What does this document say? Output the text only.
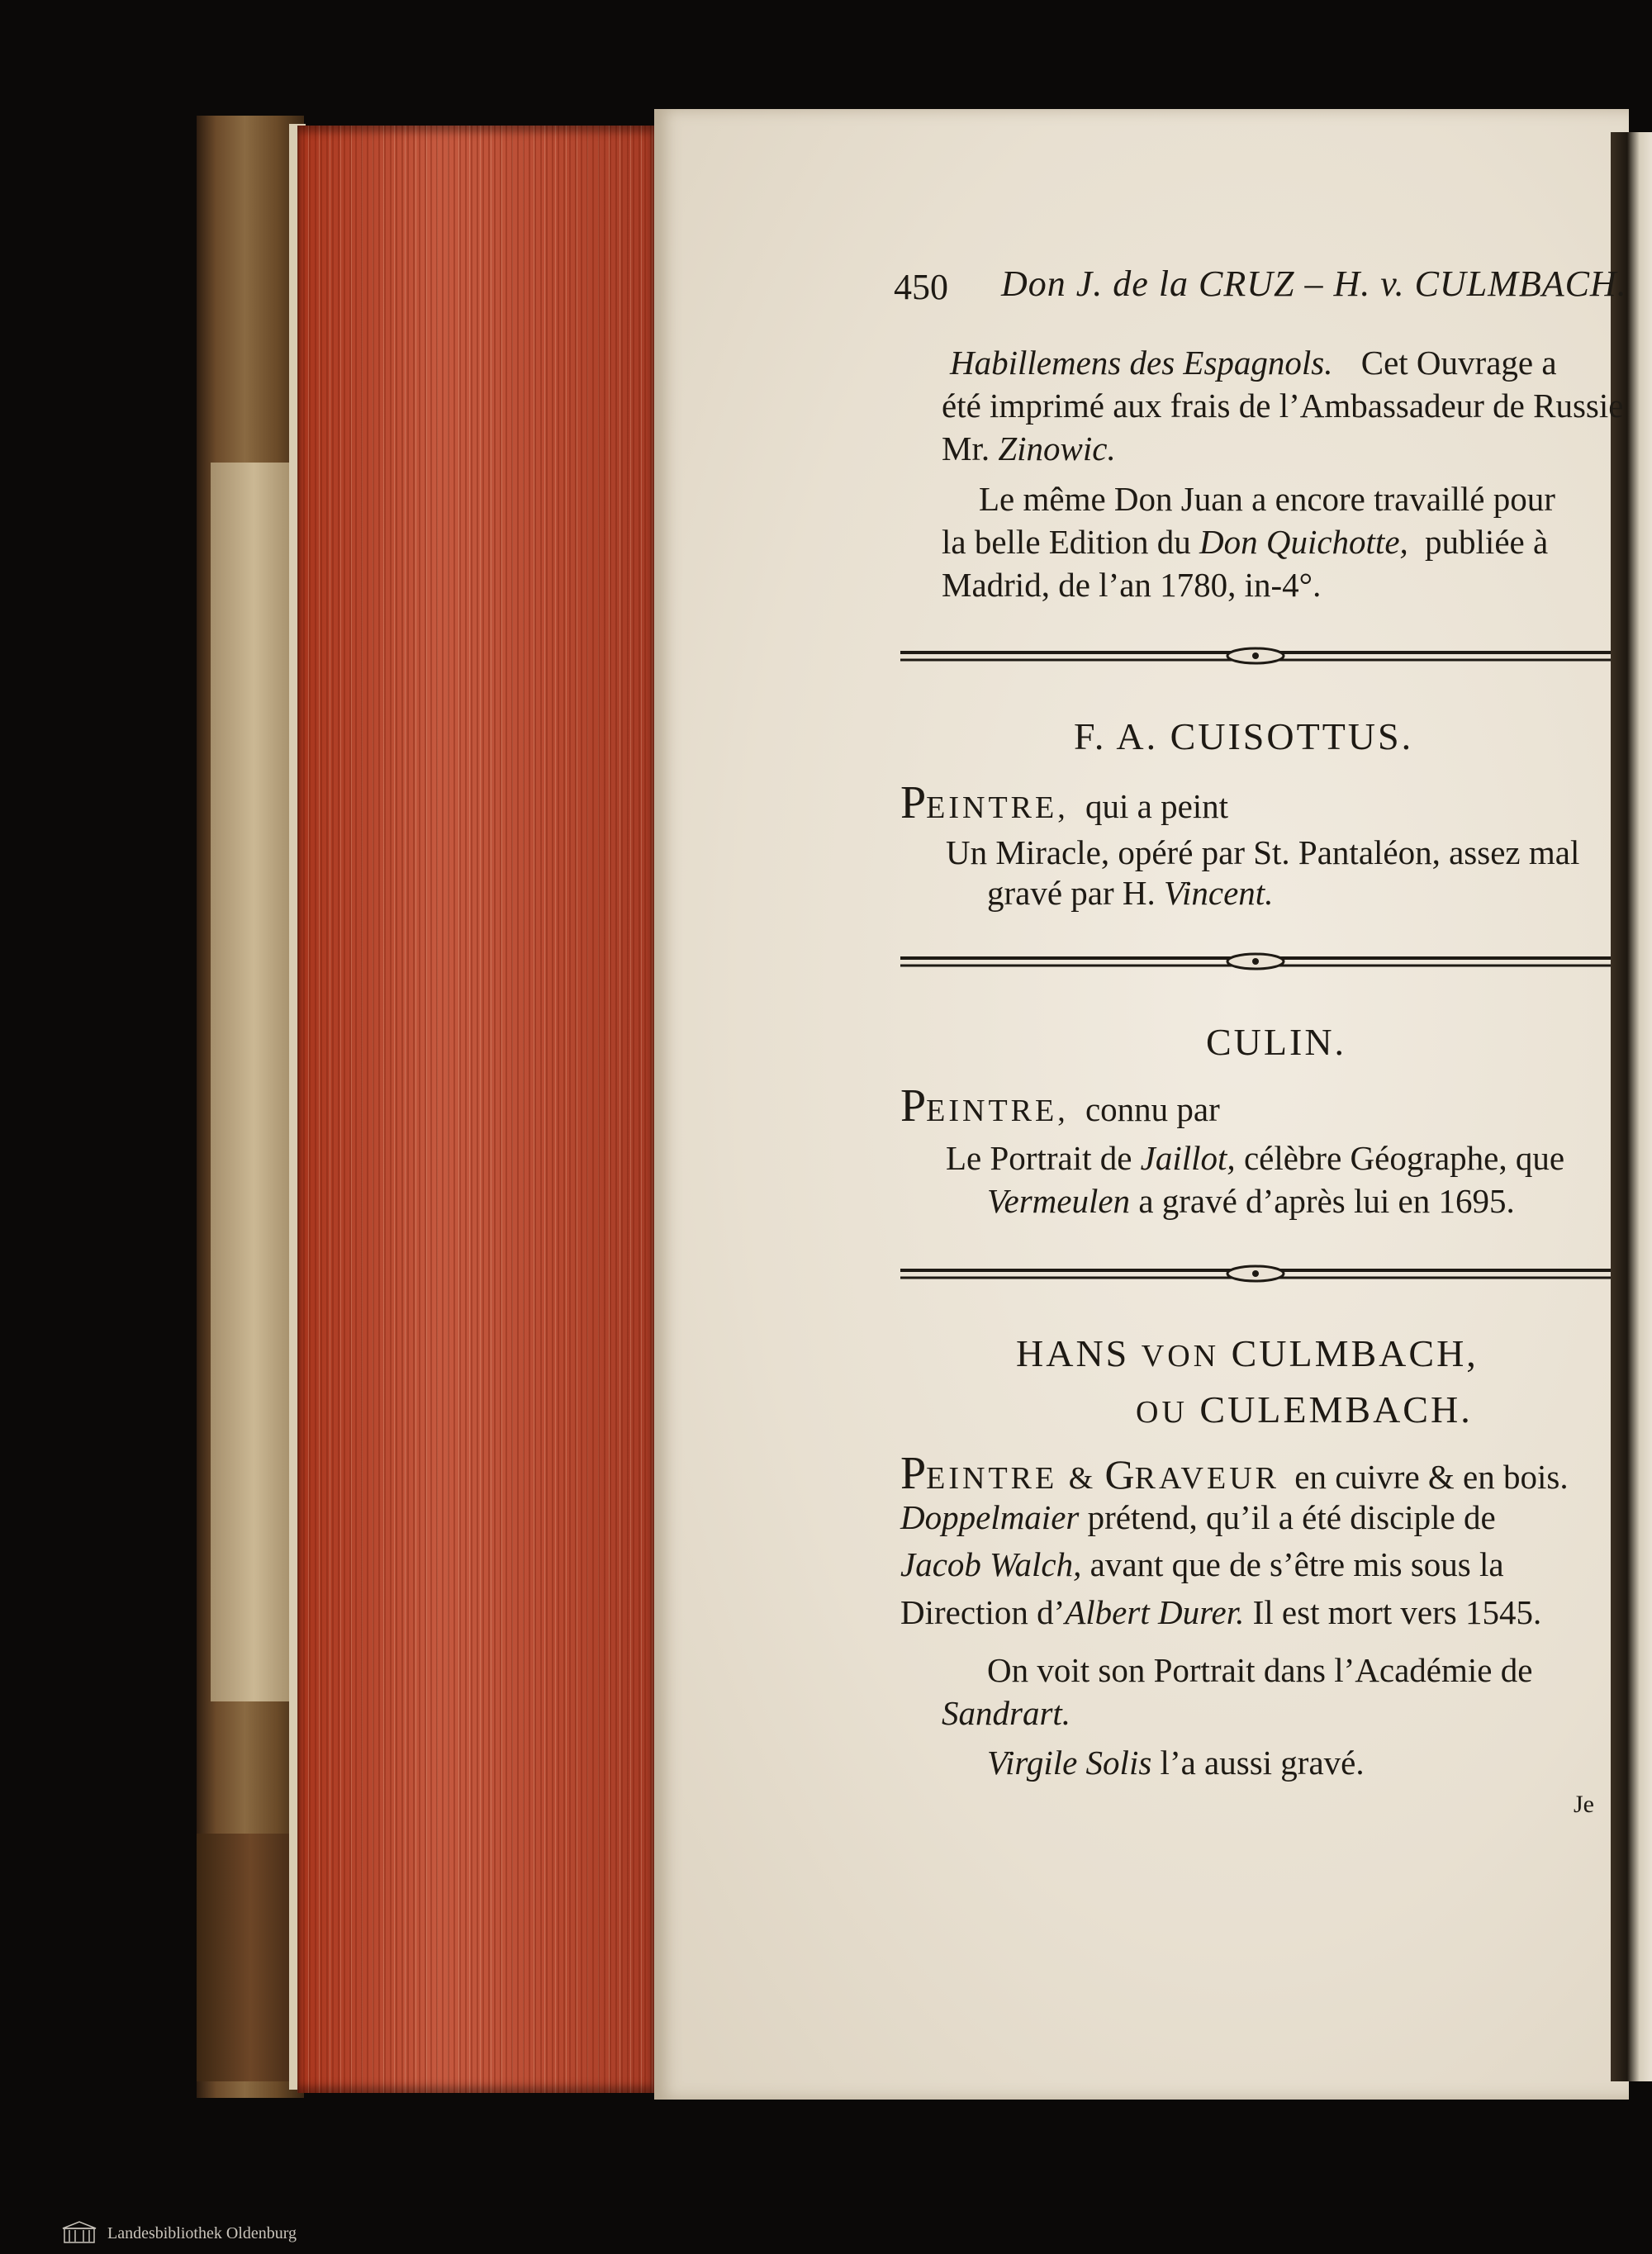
450 Don J. de la CRUZ – H. v. CULMBACH.
Habillemens des Espagnols. Cet Ouvrage a
été imprimé aux frais de l’Ambassadeur de Russie
Mr. Zinowic.
Le même Don Juan a encore travaillé pour
la belle Edition du Don Quichotte, publiée à
Madrid, de l’an 1780, in-4°.
F. A. CUISOTTUS.
PEINTRE, qui a peint
Un Miracle, opéré par St. Pantaléon, assez mal
gravé par H. Vincent.
CULIN.
PEINTRE, connu par
Le Portrait de Jaillot, célèbre Géographe, que
Vermeulen a gravé d’après lui en 1695.
HANS VON CULMBACH,
OU CULEMBACH.
PEINTRE & GRAVEUR en cuivre & en bois.
Doppelmaier prétend, qu’il a été disciple de
Jacob Walch, avant que de s’être mis sous la
Direction d’Albert Durer. Il est mort vers 1545.
On voit son Portrait dans l’Académie de
Sandrart.
Virgile Solis l’a aussi gravé.
Je
Landesbibliothek Oldenburg
